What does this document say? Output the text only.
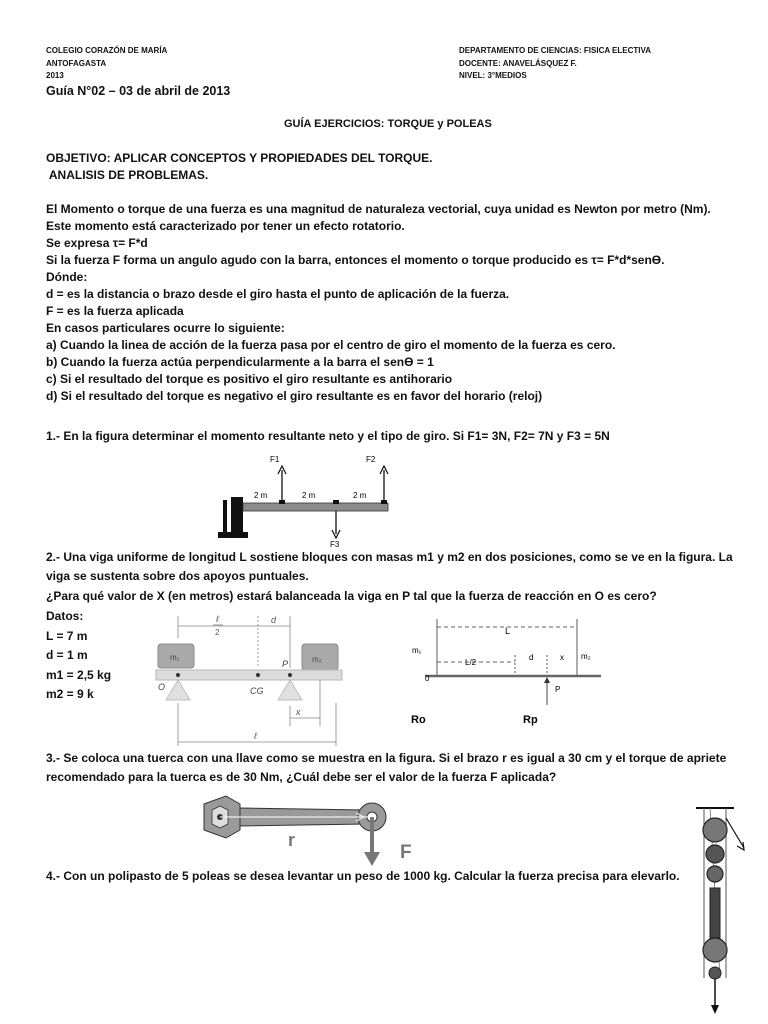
COLEGIO CORAZÓN DE MARÍA
ANTOFAGASTA
2013
DEPARTAMENTO DE CIENCIAS: FISICA ELECTIVA
DOCENTE: ANAVELÁSQUEZ F.
NIVEL: 3°MEDIOS
Guía N°02 – 03 de abril de 2013
GUÍA EJERCICIOS: TORQUE y POLEAS
OBJETIVO: APLICAR CONCEPTOS Y PROPIEDADES DEL TORQUE.
ANALISIS DE PROBLEMAS.
El Momento o torque de una fuerza es una magnitud de naturaleza vectorial, cuya unidad es Newton por metro (Nm).
Este momento está caracterizado por tener un efecto rotatorio.
Se expresa τ= F*d
Si la fuerza F forma un angulo agudo con la barra, entonces el momento o torque producido es τ= F*d*senϴ.
Dónde:
d = es la distancia o brazo desde el giro hasta el punto de aplicación de la fuerza.
F = es la fuerza aplicada
En casos particulares ocurre lo siguiente:
a) Cuando la linea de acción de la fuerza pasa por el centro de giro el momento de la fuerza es cero.
b) Cuando la fuerza actúa perpendicularmente a la barra el senϴ = 1
c) Si el resultado del torque es positivo el giro resultante es antihorario
d) Si el resultado del torque es negativo el giro resultante es en favor del horario (reloj)
1.- En la figura determinar el momento resultante neto y el tipo de giro. Si F1= 3N, F2= 7N y F3 = 5N
F1	F2
F3
2 m	2 m	2 m
2.- Una viga uniforme de longitud L sostiene bloques con masas m1 y m2 en dos posiciones, como se ve en la figura. La
viga se sustenta sobre dos apoyos puntuales.
¿Para qué valor de X (en metros) estará balanceada la viga en P tal que la fuerza de reacción en O es cero?
Datos:
L = 7 m
d = 1 m
m1 = 2,5 kg
m2 = 9 k
ℓ
2
d
m₁	m₂
P
O	CG
x
ℓ
L
m₁
m₂
L/2
d	x
0
P
Ro	Rp
3.- Se coloca una tuerca con una llave como se muestra en la figura. Si el brazo r es igual a 30 cm y el torque de apriete
recomendado para la tuerca es de 30 Nm, ¿Cuál debe ser el valor de la fuerza F aplicada?
r
F
4.- Con un polipasto de 5 poleas se desea levantar un peso de 1000 kg. Calcular la fuerza precisa para elevarlo.
